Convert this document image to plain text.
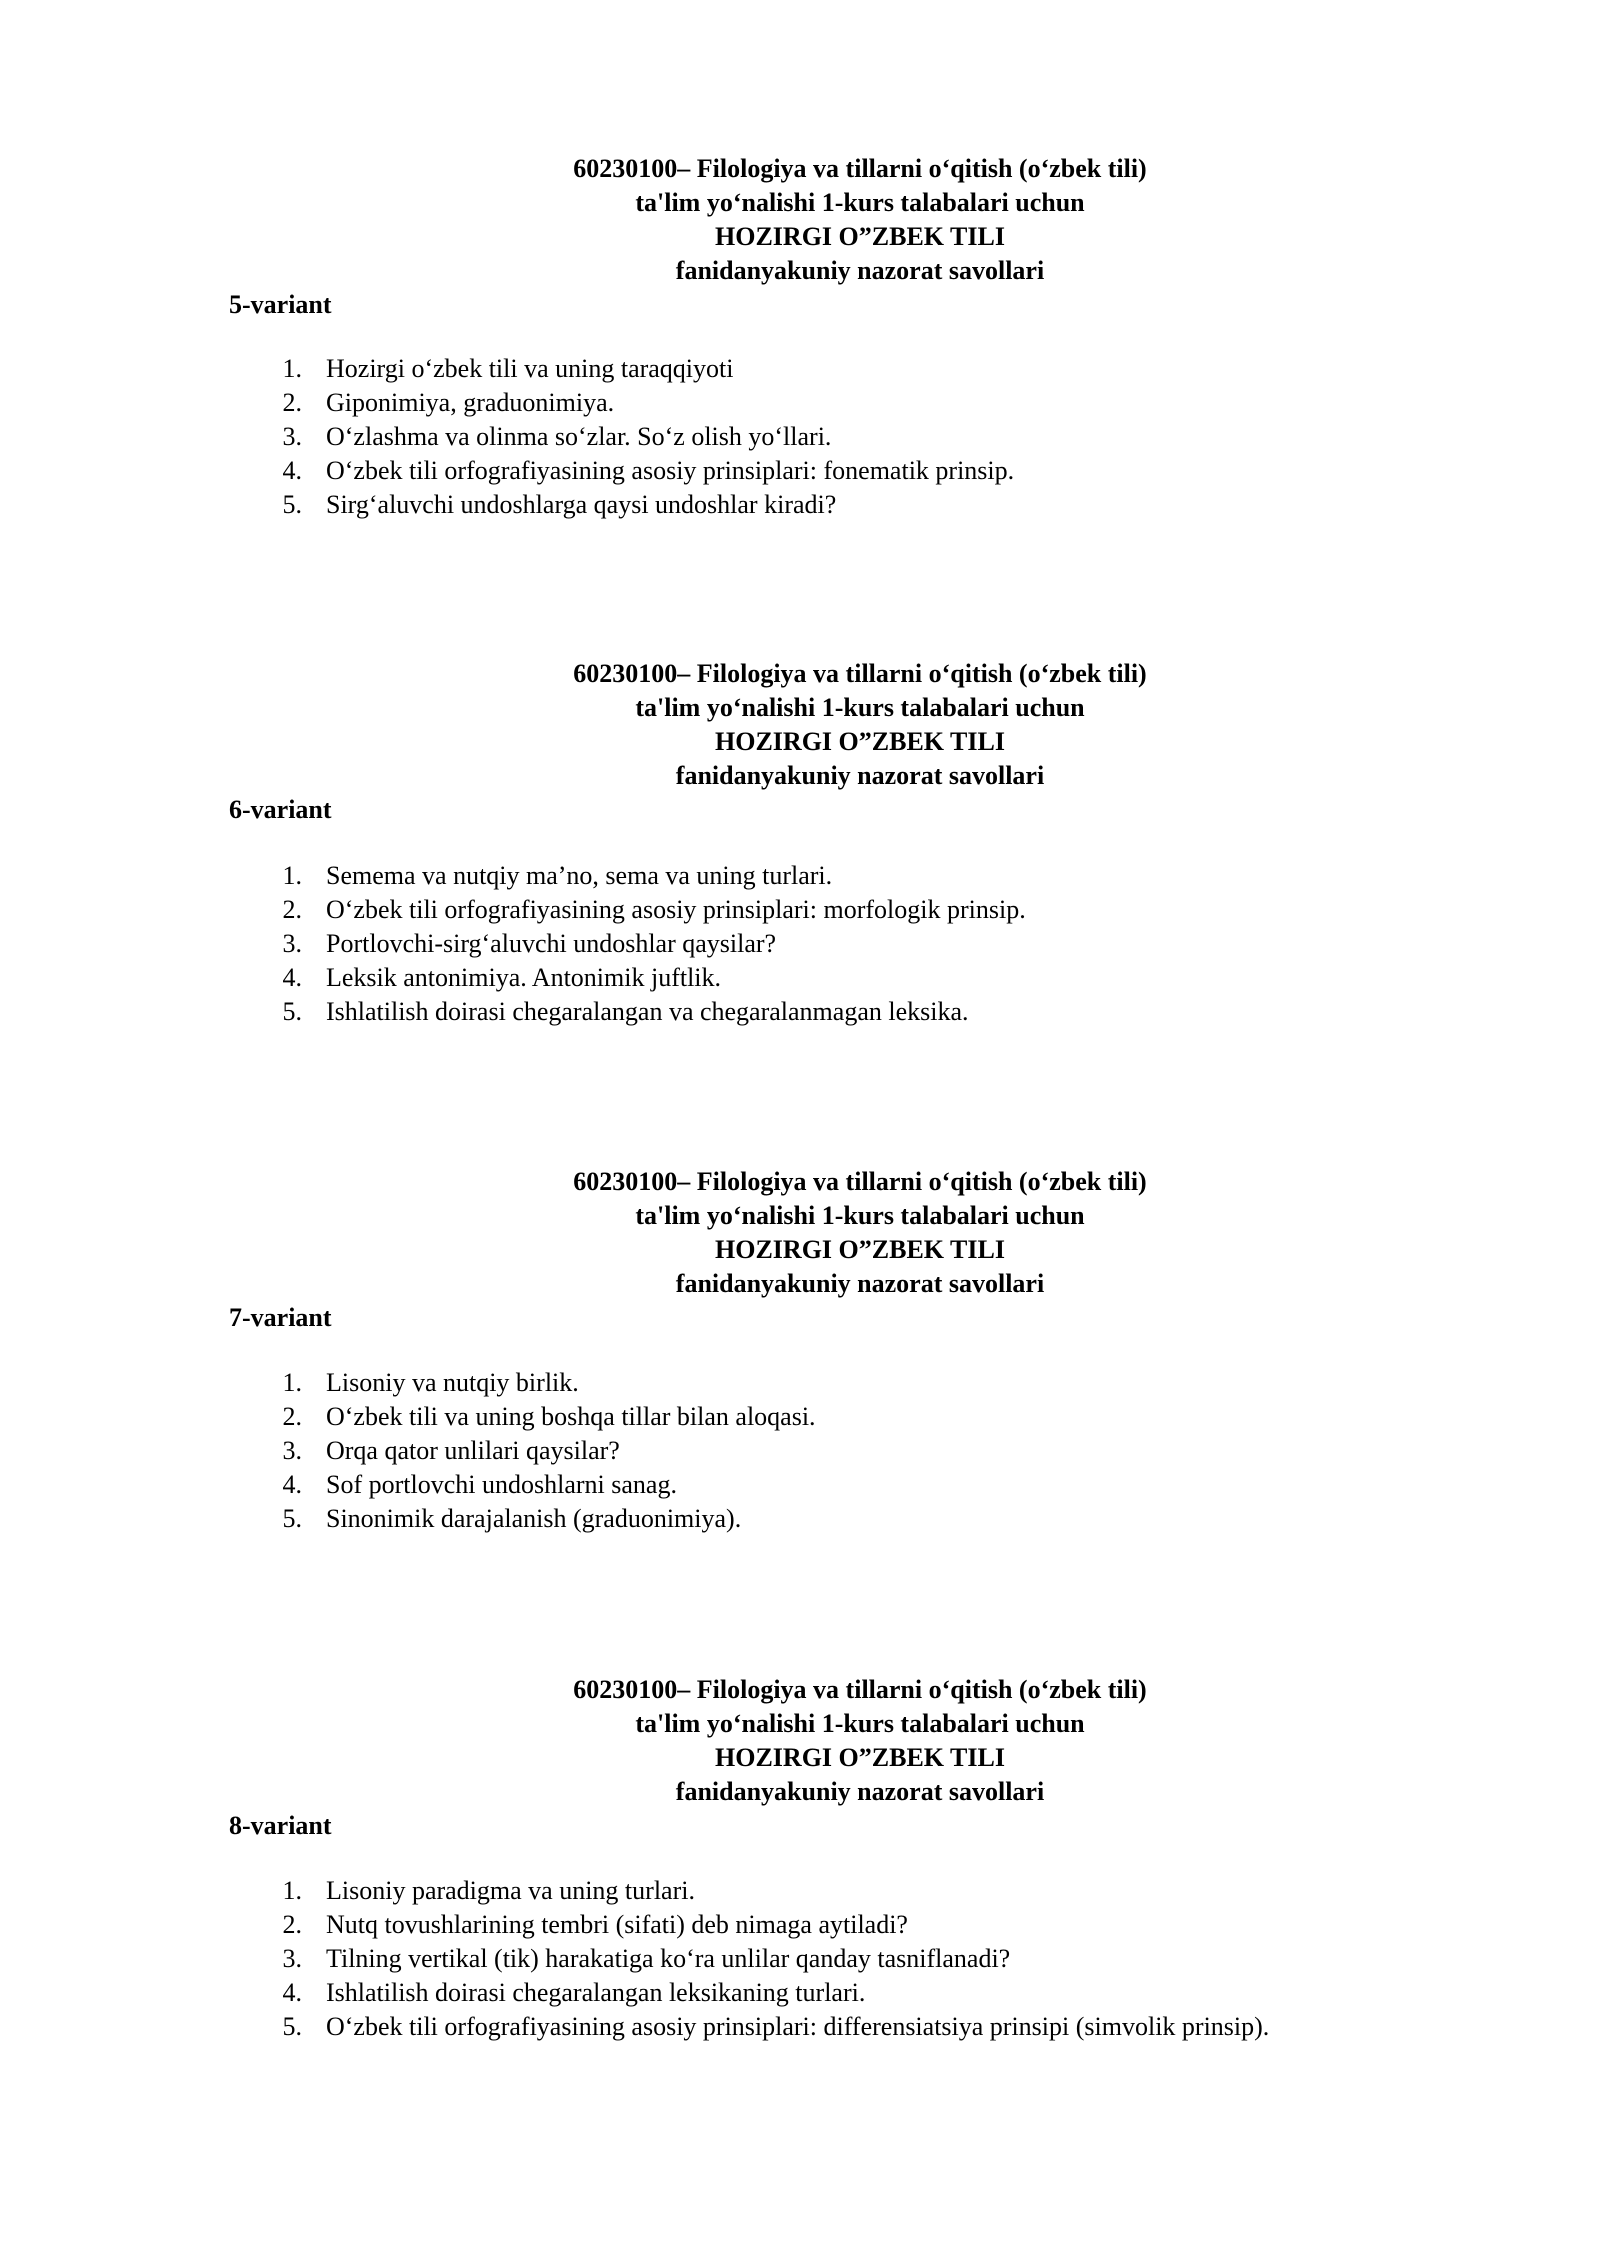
60230100– Filologiya va tillarni o‘qitish (o‘zbek tili)
ta'lim yo‘nalishi 1-kurs talabalari uchun
HOZIRGI O”ZBEK TILI
fanidanyakuniy nazorat savollari
5-variant
1. Hozirgi o‘zbek tili va uning taraqqiyoti
2. Giponimiya, graduonimiya.
3. O‘zlashma va olinma so‘zlar. So‘z olish yo‘llari.
4. O‘zbek tili orfografiyasining asosiy prinsiplari: fonematik prinsip.
5. Sirg‘aluvchi undoshlarga qaysi undoshlar kiradi?
60230100– Filologiya va tillarni o‘qitish (o‘zbek tili)
ta'lim yo‘nalishi 1-kurs talabalari uchun
HOZIRGI O”ZBEK TILI
fanidanyakuniy nazorat savollari
6-variant
1. Semema va nutqiy ma’no, sema va uning turlari.
2. O‘zbek tili orfografiyasining asosiy prinsiplari: morfologik prinsip.
3. Portlovchi-sirg‘aluvchi undoshlar qaysilar?
4. Leksik antonimiya. Antonimik juftlik.
5. Ishlatilish doirasi chegaralangan va chegaralanmagan leksika.
60230100– Filologiya va tillarni o‘qitish (o‘zbek tili)
ta'lim yo‘nalishi 1-kurs talabalari uchun
HOZIRGI O”ZBEK TILI
fanidanyakuniy nazorat savollari
7-variant
1. Lisoniy va nutqiy birlik.
2. O‘zbek tili va uning boshqa tillar bilan aloqasi.
3. Orqa qator unlilari qaysilar?
4. Sof portlovchi undoshlarni sanag.
5. Sinonimik darajalanish (graduonimiya).
60230100– Filologiya va tillarni o‘qitish (o‘zbek tili)
ta'lim yo‘nalishi 1-kurs talabalari uchun
HOZIRGI O”ZBEK TILI
fanidanyakuniy nazorat savollari
8-variant
1. Lisoniy paradigma va uning turlari.
2. Nutq tovushlarining tembri (sifati) deb nimaga aytiladi?
3. Tilning vertikal (tik) harakatiga ko‘ra unlilar qanday tasniflanadi?
4. Ishlatilish doirasi chegaralangan leksikaning turlari.
5. O‘zbek tili orfografiyasining asosiy prinsiplari: differensiatsiya prinsipi (simvolik prinsip).
